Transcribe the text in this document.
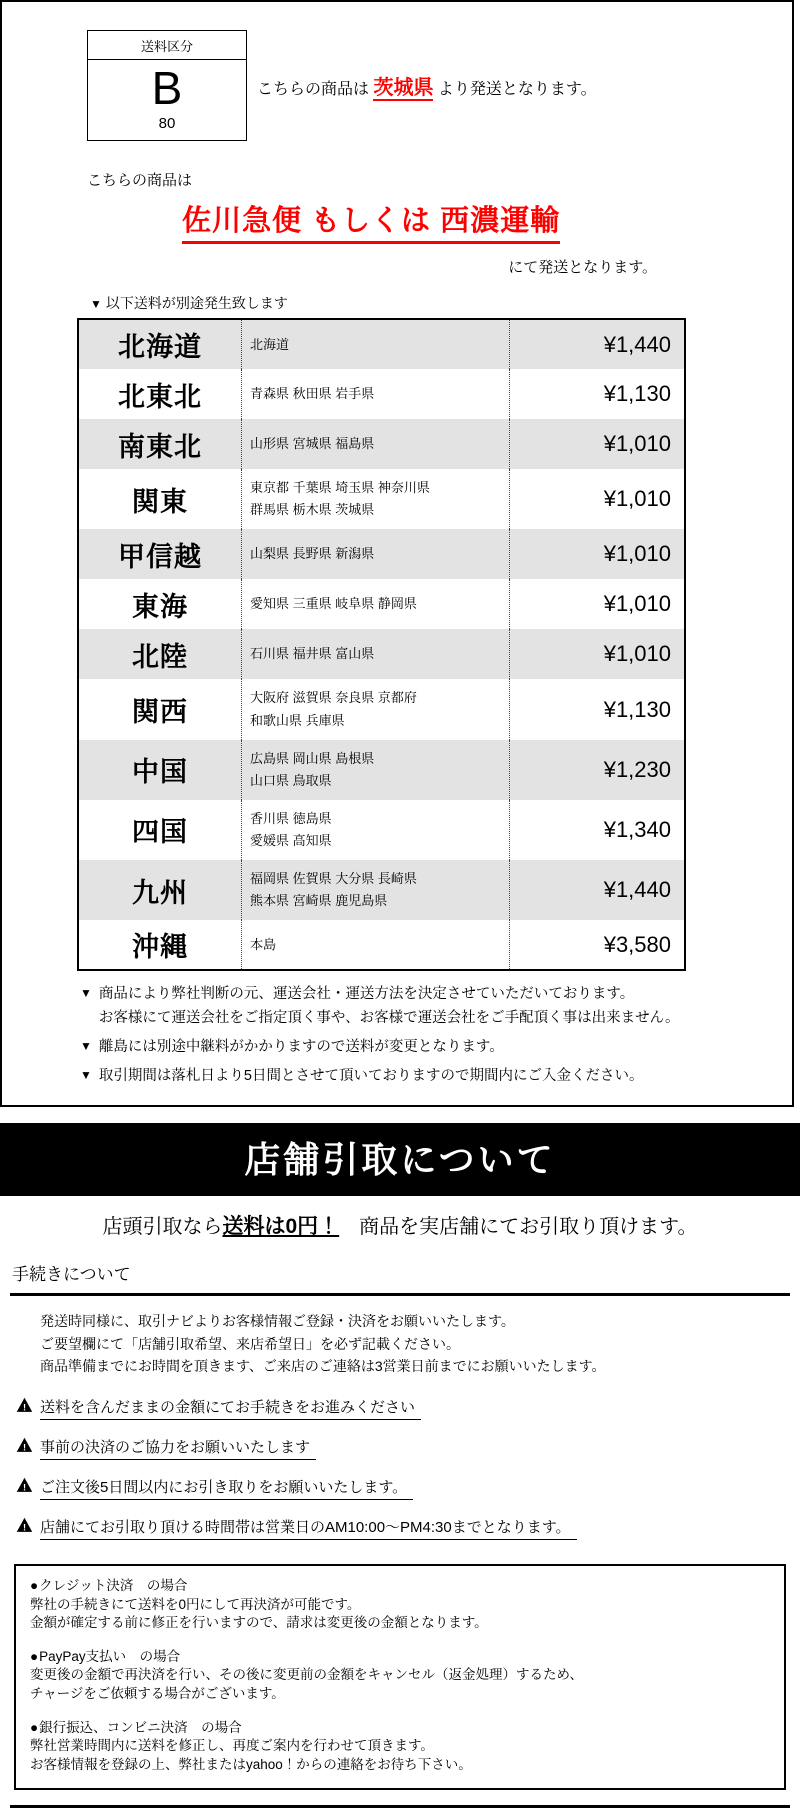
送料区分
B
80
こちらの商品は 茨城県 より発送となります。
こちらの商品は
佐川急便 もしくは 西濃運輸
にて発送となります。
▼ 以下送料が別途発生致します
北海道	北海道	¥1,440
北東北	青森県 秋田県 岩手県	¥1,130
南東北	山形県 宮城県 福島県	¥1,010
関東	東京都 千葉県 埼玉県 神奈川県
群馬県 栃木県 茨城県	¥1,010
甲信越	山梨県 長野県 新潟県	¥1,010
東海	愛知県 三重県 岐阜県 静岡県	¥1,010
北陸	石川県 福井県 富山県	¥1,010
関西	大阪府 滋賀県 奈良県 京都府
和歌山県 兵庫県	¥1,130
中国	広島県 岡山県 島根県
山口県 鳥取県	¥1,230
四国	香川県 徳島県
愛媛県 高知県	¥1,340
九州	福岡県 佐賀県 大分県 長崎県
熊本県 宮崎県 鹿児島県	¥1,440
沖縄	本島	¥3,580
▼ 商品により弊社判断の元、運送会社・運送方法を決定させていただいております。
お客様にて運送会社をご指定頂く事や、お客様で運送会社をご手配頂く事は出来ません。
▼ 離島には別途中継料がかかりますので送料が変更となります。
▼ 取引期間は落札日より5日間とさせて頂いておりますので期間内にご入金ください。
店舗引取について
店頭引取なら送料は0円！　商品を実店舗にてお引取り頂けます。
手続きについて
発送時同様に、取引ナビよりお客様情報ご登録・決済をお願いいたします。
ご要望欄にて「店舗引取希望、来店希望日」を必ず記載ください。
商品準備までにお時間を頂きます、ご来店のご連絡は3営業日前までにお願いいたします。
! 送料を含んだままの金額にてお手続きをお進みください
! 事前の決済のご協力をお願いいたします
! ご注文後5日間以内にお引き取りをお願いいたします。
! 店舗にてお引取り頂ける時間帯は営業日のAM10:00～PM4:30までとなります。
●クレジット決済　の場合
弊社の手続きにて送料を0円にして再決済が可能です。
金額が確定する前に修正を行いますので、請求は変更後の金額となります。
●PayPay支払い　の場合
変更後の金額で再決済を行い、その後に変更前の金額をキャンセル（返金処理）するため、
チャージをご依頼する場合がございます。
●銀行振込、コンビニ決済　の場合
弊社営業時間内に送料を修正し、再度ご案内を行わせて頂きます。
お客様情報を登録の上、弊社またはyahoo！からの連絡をお待ち下さい。
